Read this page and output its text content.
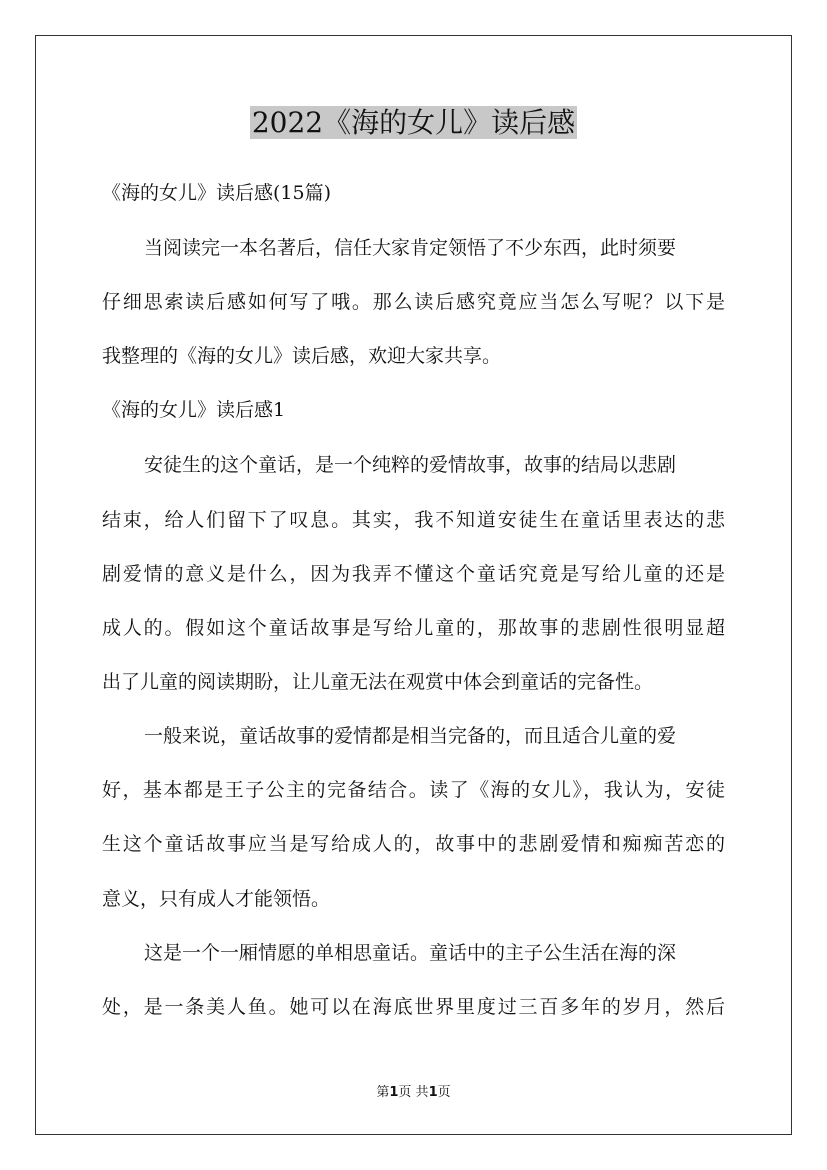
2022《海的女儿》读后感
《海的女儿》读后感(15篇)
当阅读完一本名著后，信任大家肯定领悟了不少东西，此时须要
仔细思索读后感如何写了哦。那么读后感究竟应当怎么写呢？以下是
我整理的《海的女儿》读后感，欢迎大家共享。
《海的女儿》读后感1
安徒生的这个童话，是一个纯粹的爱情故事，故事的结局以悲剧
结束，给人们留下了叹息。其实，我不知道安徒生在童话里表达的悲
剧爱情的意义是什么，因为我弄不懂这个童话究竟是写给儿童的还是
成人的。假如这个童话故事是写给儿童的，那故事的悲剧性很明显超
出了儿童的阅读期盼，让儿童无法在观赏中体会到童话的完备性。
一般来说，童话故事的爱情都是相当完备的，而且适合儿童的爱
好，基本都是王子公主的完备结合。读了《海的女儿》，我认为，安徒
生这个童话故事应当是写给成人的，故事中的悲剧爱情和痴痴苦恋的
意义，只有成人才能领悟。
这是一个一厢情愿的单相思童话。童话中的主子公生活在海的深
处，是一条美人鱼。她可以在海底世界里度过三百多年的岁月，然后
第1页 共1页
